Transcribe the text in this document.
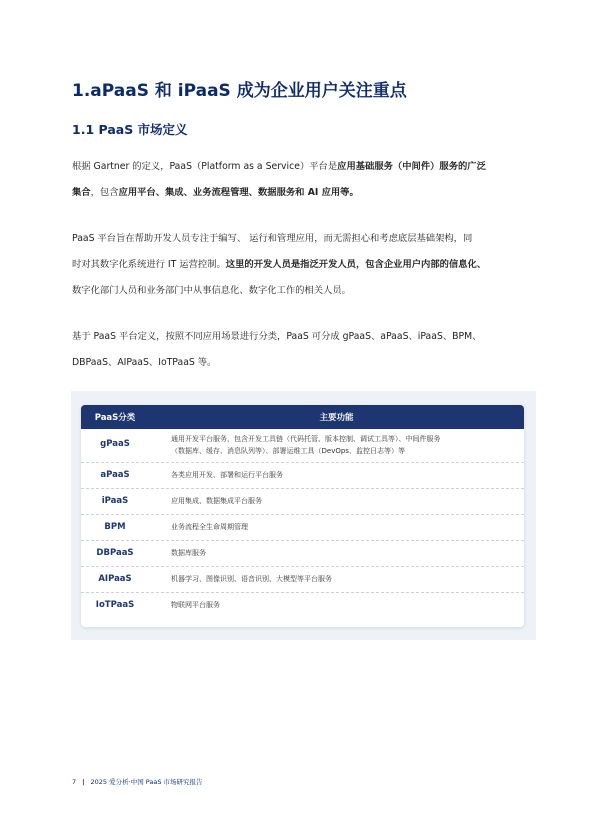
1.aPaaS 和 iPaaS 成为企业用户关注重点
1.1 PaaS 市场定义

根据 Gartner 的定义，PaaS（Platform as a Service）平台是应用基础服务（中间件）服务的广泛

集合，包含应用平台、集成、业务流程管理、数据服务和 AI 应用等。

PaaS 平台旨在帮助开发人员专注于编写、 运行和管理应用，而无需担心和考虑底层基础架构，同

时对其数字化系统进行 IT 运营控制。这里的开发人员是指泛开发人员，包含企业用户内部的信息化、

数字化部门人员和业务部门中从事信息化、数字化工作的相关人员。

基于 PaaS 平台定义，按照不同应用场景进行分类，PaaS 可分成 gPaaS、aPaaS、iPaaS、BPM、

DBPaaS、AIPaaS、IoTPaaS 等。

PaaS分类	主要功能
gPaaS	通用开发平台服务，包含开发工具链（代码托管、版本控制、调试工具等）、中间件服务
（数据库、缓存、消息队列等）、部署运维工具（DevOps、监控日志等）等
aPaaS	各类应用开发、部署和运行平台服务
iPaaS	应用集成、数据集成平台服务
BPM	业务流程全生命周期管理
DBPaaS	数据库服务
AIPaaS	机器学习、图像识别、语音识别、大模型等平台服务
IoTPaaS	物联网平台服务
7 | 2025 爱分析·中国 PaaS 市场研究报告
